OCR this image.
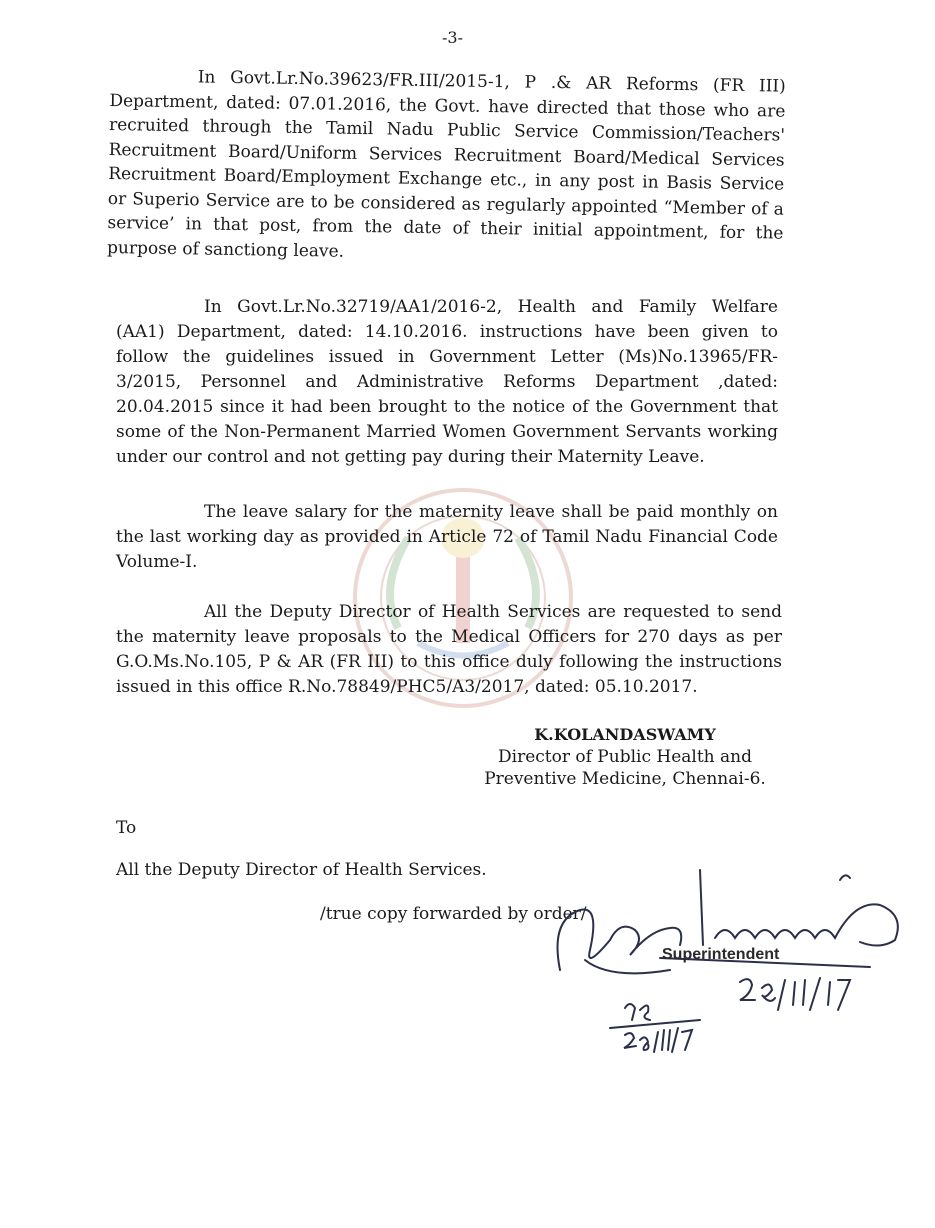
-3-

In Govt.Lr.No.39623/FR.III/2015-1, P .& AR Reforms (FR III) Department, dated: 07.01.2016, the Govt. have directed that those who are recruited through the Tamil Nadu Public Service Commission/Teachers' Recruitment Board/Uniform Services Recruitment Board/Medical Services Recruitment Board/Employment Exchange etc., in any post in Basis Service or Superio Service are to be considered as regularly appointed “Member of a service’ in that post, from the date of their initial appointment, for the purpose of sanctiong leave.

In Govt.Lr.No.32719/AA1/2016-2, Health and Family Welfare (AA1) Department, dated: 14.10.2016. instructions have been given to follow the guidelines issued in Government Letter (Ms)No.13965/FR-3/2015, Personnel and Administrative Reforms Department ,dated: 20.04.2015 since it had been brought to the notice of the Government that some of the Non-Permanent Married Women Government Servants working under our control and not getting pay during their Maternity Leave.

The leave salary for the maternity leave shall be paid monthly on the last working day as provided in Article 72 of Tamil Nadu Financial Code Volume-I.

All the Deputy Director of Health Services are requested to send the maternity leave proposals to the Medical Officers for 270 days as per G.O.Ms.No.105, P & AR (FR III) to this office duly following the instructions issued in this office R.No.78849/PHC5/A3/2017, dated: 05.10.2017.

K.KOLANDASWAMY
Director of Public Health and
Preventive Medicine, Chennai-6.
To
All the Deputy Director of Health Services.
/true copy forwarded by order/
Superintendent
